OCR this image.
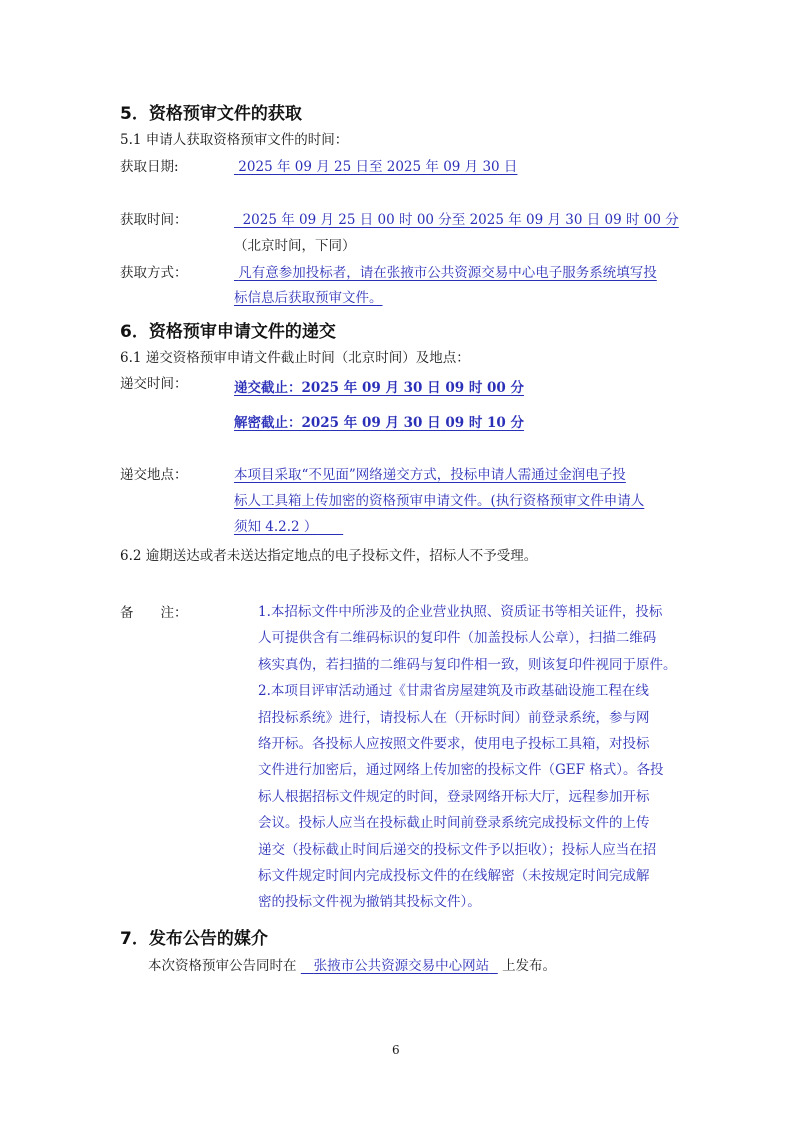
5．资格预审文件的获取
5.1 申请人获取资格预审文件的时间：
获取日期:	2025 年 09 月 25 日至 2025 年 09 月 30 日
获取时间：	2025 年 09 月 25 日 00 时 00 分至 2025 年 09 月 30 日 09 时 00 分
（北京时间，下同）
获取方式：	凡有意参加投标者，请在张掖市公共资源交易中心电子服务系统填写投
标信息后获取预审文件。
6．资格预审申请文件的递交
6.1 递交资格预审申请文件截止时间（北京时间）及地点：
递交时间：	递交截止：2025 年 09 月 30 日 09 时 00 分
解密截止：2025 年 09 月 30 日 09 时 10 分
递交地点：	本项目采取“不见面”网络递交方式，投标申请人需通过金润电子投
标人工具箱上传加密的资格预审申请文件。(执行资格预审文件申请人
须知 4.2.2 ）
6.2 逾期送达或者未送达指定地点的电子投标文件，招标人不予受理。
备　　注：	1.本招标文件中所涉及的企业营业执照、资质证书等相关证件，投标
人可提供含有二维码标识的复印件（加盖投标人公章），扫描二维码
核实真伪，若扫描的二维码与复印件相一致，则该复印件视同于原件。
2.本项目评审活动通过《甘肃省房屋建筑及市政基础设施工程在线
招投标系统》进行，请投标人在（开标时间）前登录系统，参与网
络开标。各投标人应按照文件要求，使用电子投标工具箱，对投标
文件进行加密后，通过网络上传加密的投标文件（GEF 格式）。各投
标人根据招标文件规定的时间，登录网络开标大厅，远程参加开标
会议。投标人应当在投标截止时间前登录系统完成投标文件的上传
递交（投标截止时间后递交的投标文件予以拒收）；投标人应当在招
标文件规定时间内完成投标文件的在线解密（未按规定时间完成解
密的投标文件视为撤销其投标文件）。
7．发布公告的媒介
本次资格预审公告同时在 张掖市公共资源交易中心网站 上发布。
6
